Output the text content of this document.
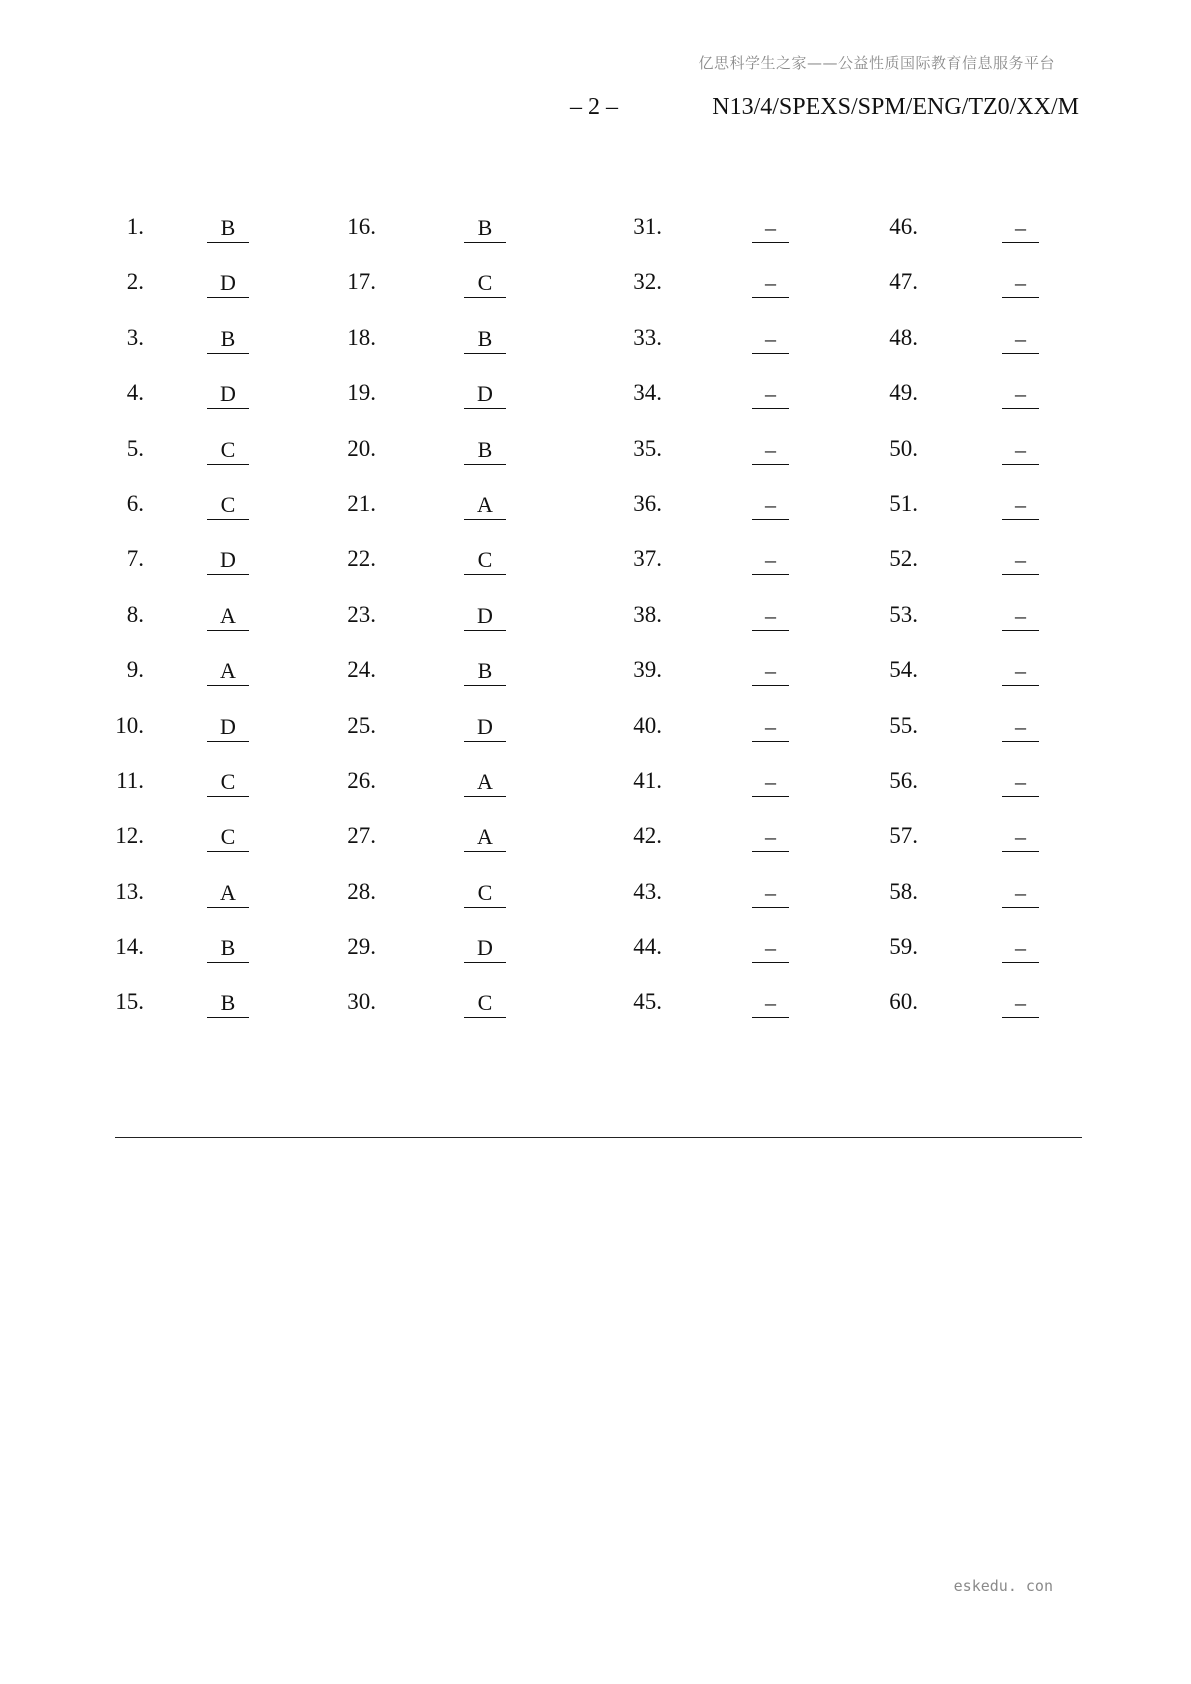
亿思科学生之家——公益性质国际教育信息服务平台
– 2 –	N13/4/SPEXS/SPM/ENG/TZ0/XX/M
1.	B	16.	B	31.	–	46.	–
2.	D	17.	C	32.	–	47.	–
3.	B	18.	B	33.	–	48.	–
4.	D	19.	D	34.	–	49.	–
5.	C	20.	B	35.	–	50.	–
6.	C	21.	A	36.	–	51.	–
7.	D	22.	C	37.	–	52.	–
8.	A	23.	D	38.	–	53.	–
9.	A	24.	B	39.	–	54.	–
10.	D	25.	D	40.	–	55.	–
11.	C	26.	A	41.	–	56.	–
12.	C	27.	A	42.	–	57.	–
13.	A	28.	C	43.	–	58.	–
14.	B	29.	D	44.	–	59.	–
15.	B	30.	C	45.	–	60.	–
eskedu. con
